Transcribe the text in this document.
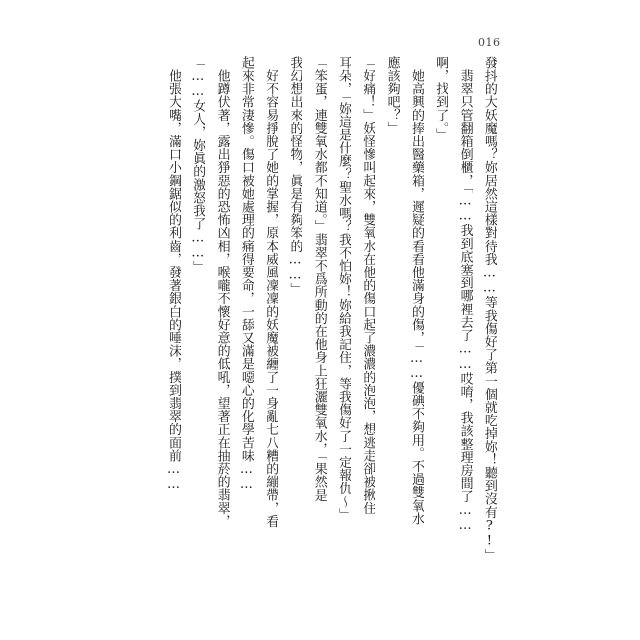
016
發抖的大妖魔嗎？妳居然這樣對待我……等我傷好了第一個就吃掉妳！聽到沒有?!」
　翡翠只管翻箱倒櫃，「……我到底塞到哪裡去了……哎唷，我該整理房間了……
啊，找到了。」
　她高興的捧出醫藥箱，遲疑的看看他滿身的傷，「……優碘不夠用。不過雙氧水
應該夠吧？」
「好痛！」妖怪慘叫起來，雙氧水在他的傷口起了濃濃的泡泡，想逃走卻被揪住
耳朵，「妳這是什麼？聖水嗎？我不怕妳！妳給我記住，等我傷好了一定報仇～」
「笨蛋，連雙氧水都不知道。」翡翠不爲所動的在他身上狂灑雙氧水，「果然是
我幻想出來的怪物，眞是有夠笨的……」
　好不容易掙脫了她的掌握，原本威風凜凜的妖魔被纏了一身亂七八糟的繃帶，看
起來非常淒慘。傷口被她處理的痛得要命，一舔又滿是噁心的化學苦味……
　他蹲伏著，露出猙惡的恐怖凶相，喉嚨不懷好意的低吼，望著正在抽菸的翡翠，
「……女人，妳眞的激怒我了……」
　他張大嘴，滿口小鋼鋸似的利齒，發著銀白的唾沫，撲到翡翠的面前……
